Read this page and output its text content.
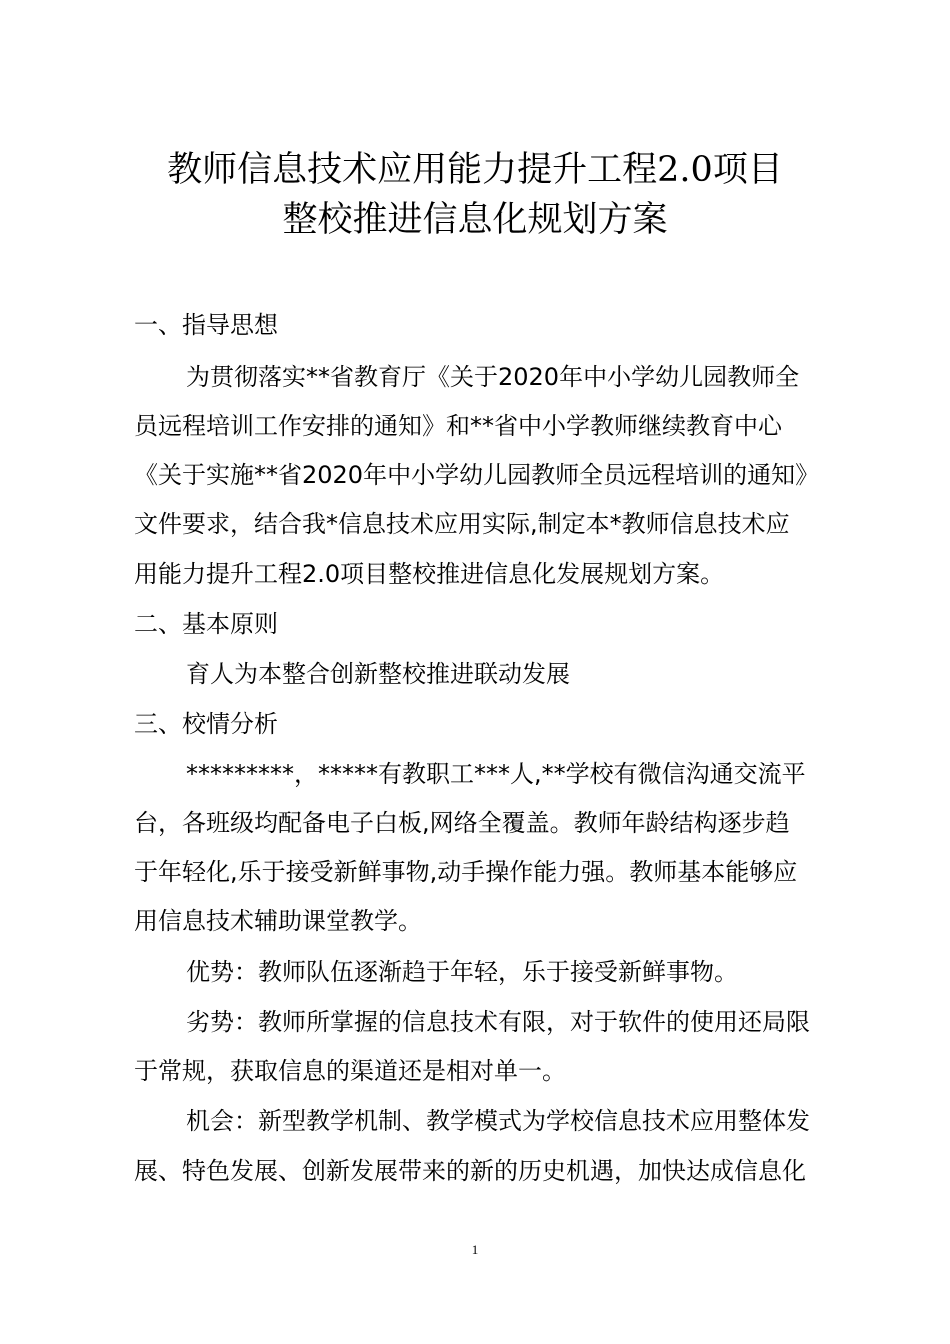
教师信息技术应用能力提升工程2.0项目
整校推进信息化规划方案
一、指导思想
为贯彻落实**省教育厅《关于2020年中小学幼儿园教师全
员远程培训工作安排的通知》和**省中小学教师继续教育中心
《关于实施**省2020年中小学幼儿园教师全员远程培训的通知》
文件要求，结合我*信息技术应用实际,制定本*教师信息技术应
用能力提升工程2.0项目整校推进信息化发展规划方案。
二、基本原则
育人为本整合创新整校推进联动发展
三、校情分析
*********，*****有教职工***人,**学校有微信沟通交流平
台，各班级均配备电子白板,网络全覆盖。教师年龄结构逐步趋
于年轻化,乐于接受新鲜事物,动手操作能力强。教师基本能够应
用信息技术辅助课堂教学。
优势：教师队伍逐渐趋于年轻，乐于接受新鲜事物。
劣势：教师所掌握的信息技术有限，对于软件的使用还局限
于常规，获取信息的渠道还是相对单一。
机会：新型教学机制、教学模式为学校信息技术应用整体发
展、特色发展、创新发展带来的新的历史机遇，加快达成信息化
1
